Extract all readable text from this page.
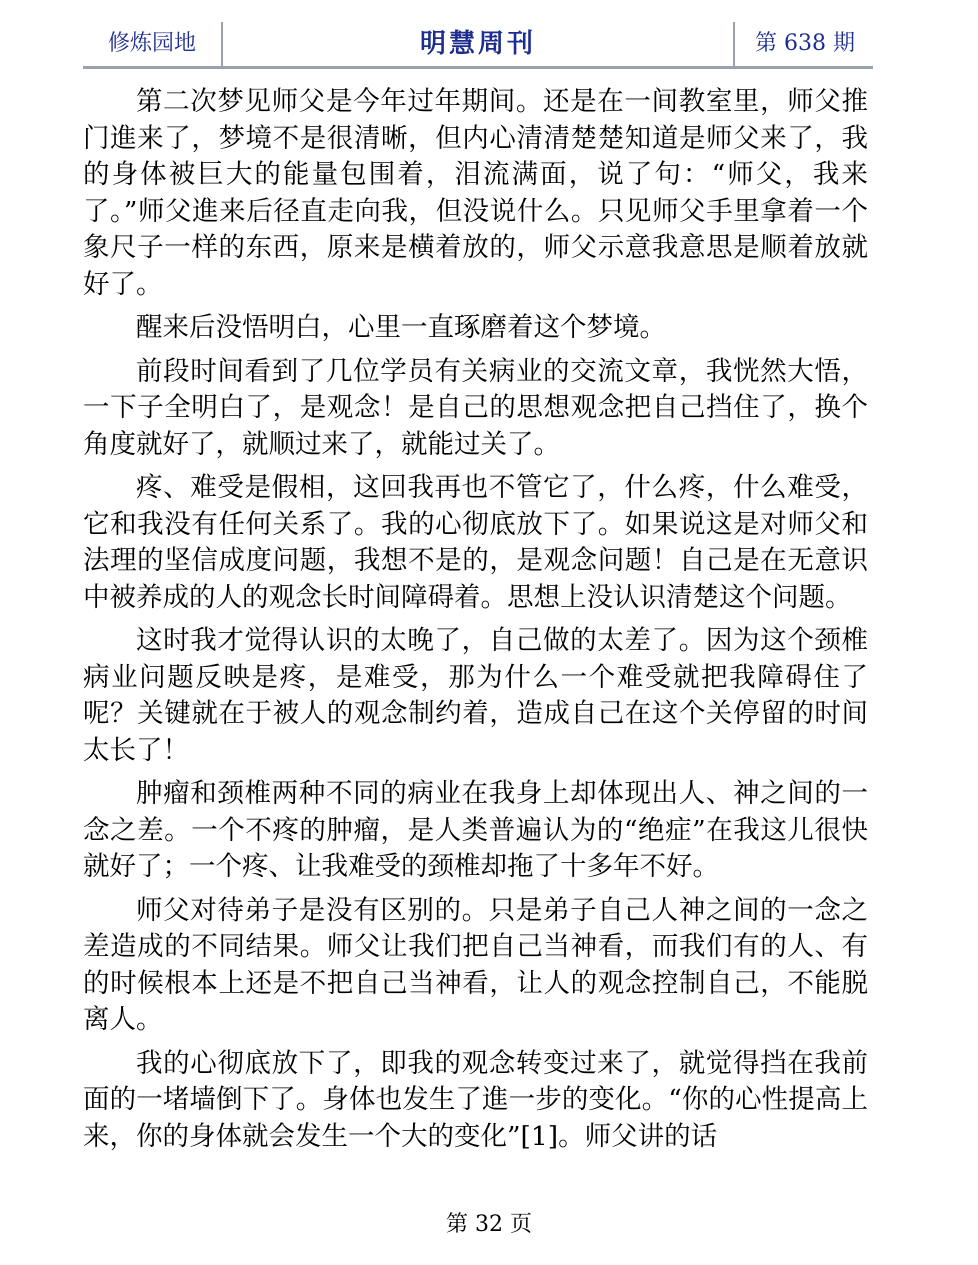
修炼园地	明慧周刊	第 638 期

第二次梦见师父是今年过年期间。还是在一间教室里，师父推门進来了，梦境不是很清晰，但内心清清楚楚知道是师父来了，我的身体被巨大的能量包围着，泪流满面，说了句：“师父，我来了。”师父進来后径直走向我，但没说什么。只见师父手里拿着一个象尺子一样的东西，原来是横着放的，师父示意我意思是顺着放就好了。

醒来后没悟明白，心里一直琢磨着这个梦境。

前段时间看到了几位学员有关病业的交流文章，我恍然大悟，一下子全明白了，是观念！是自己的思想观念把自己挡住了，换个角度就好了，就顺过来了，就能过关了。

疼、难受是假相，这回我再也不管它了，什么疼，什么难受，它和我没有任何关系了。我的心彻底放下了。如果说这是对师父和法理的坚信成度问题，我想不是的，是观念问题！自己是在无意识中被养成的人的观念长时间障碍着。思想上没认识清楚这个问题。

这时我才觉得认识的太晚了，自己做的太差了。因为这个颈椎病业问题反映是疼，是难受，那为什么一个难受就把我障碍住了呢？关键就在于被人的观念制约着，造成自己在这个关停留的时间太长了！

肿瘤和颈椎两种不同的病业在我身上却体现出人、神之间的一念之差。一个不疼的肿瘤，是人类普遍认为的“绝症”在我这儿很快就好了；一个疼、让我难受的颈椎却拖了十多年不好。

师父对待弟子是没有区别的。只是弟子自己人神之间的一念之差造成的不同结果。师父让我们把自己当神看，而我们有的人、有的时候根本上还是不把自己当神看，让人的观念控制自己，不能脱离人。

我的心彻底放下了，即我的观念转变过来了，就觉得挡在我前面的一堵墙倒下了。身体也发生了進一步的变化。“你的心性提高上来，你的身体就会发生一个大的变化”[1]。师父讲的话

第 32 页
